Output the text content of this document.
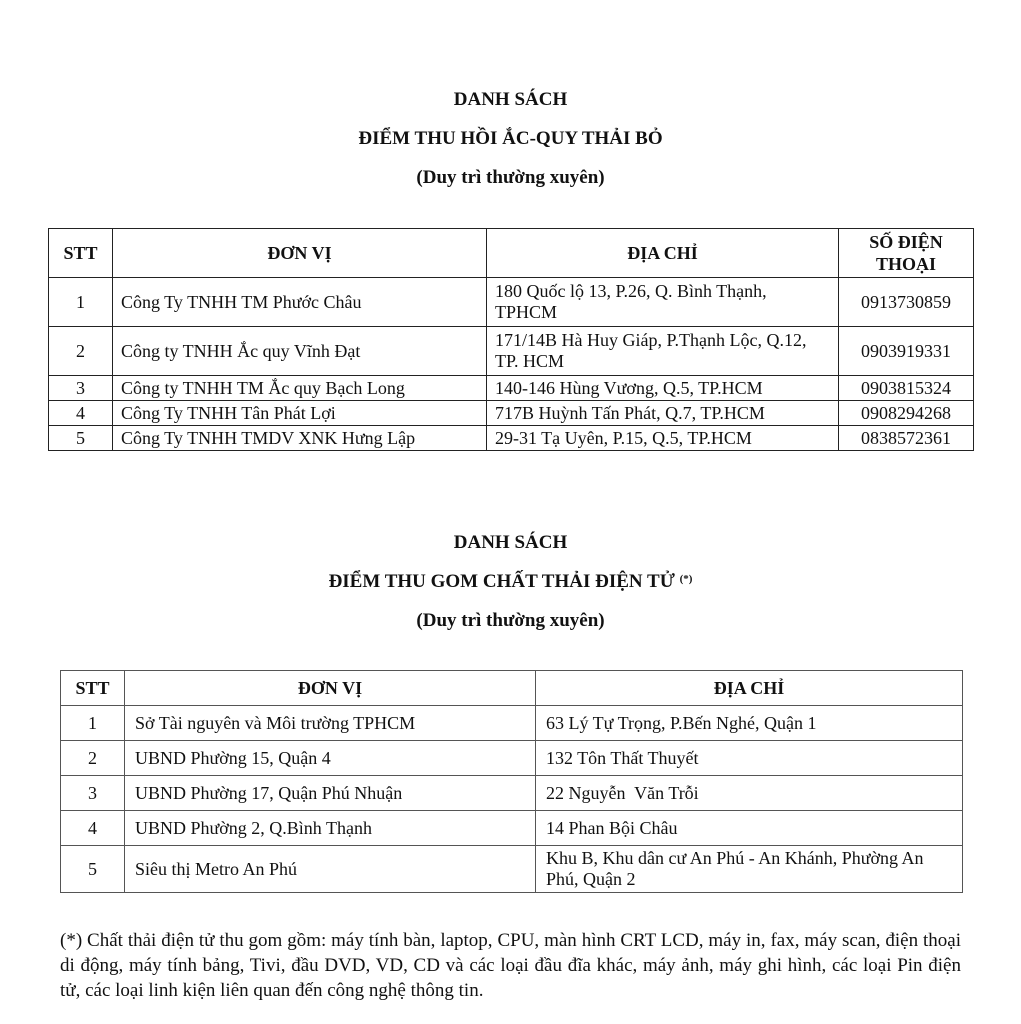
DANH SÁCH
ĐIỂM THU HỒI ẮC-QUY THẢI BỎ
(Duy trì thường xuyên)
STT	ĐƠN VỊ	ĐỊA CHỈ	SỐ ĐIỆN THOẠI
1	Công Ty TNHH TM Phước Châu	180 Quốc lộ 13, P.26, Q. Bình Thạnh, TPHCM	0913730859
2	Công ty TNHH Ắc quy Vĩnh Đạt	171/14B Hà Huy Giáp, P.Thạnh Lộc, Q.12, TP. HCM	0903919331
3	Công ty TNHH TM Ắc quy Bạch Long	140-146 Hùng Vương, Q.5, TP.HCM	0903815324
4	Công Ty TNHH Tân Phát Lợi	717B Huỳnh Tấn Phát, Q.7, TP.HCM	0908294268
5	Công Ty TNHH TMDV XNK Hưng Lập	29-31 Tạ Uyên, P.15, Q.5, TP.HCM	0838572361
DANH SÁCH
ĐIỂM THU GOM CHẤT THẢI ĐIỆN TỬ (*)
(Duy trì thường xuyên)
STT	ĐƠN VỊ	ĐỊA CHỈ
1	Sở Tài nguyên và Môi trường TPHCM	63 Lý Tự Trọng, P.Bến Nghé, Quận 1
2	UBND Phường 15, Quận 4	132 Tôn Thất Thuyết
3	UBND Phường 17, Quận Phú Nhuận	22 Nguyễn  Văn Trỗi
4	UBND Phường 2, Q.Bình Thạnh	14 Phan Bội Châu
5	Siêu thị Metro An Phú	Khu B, Khu dân cư An Phú - An Khánh, Phường An Phú, Quận 2
(*) Chất thải điện tử thu gom gồm: máy tính bàn, laptop, CPU, màn hình CRT LCD, máy in, fax, máy scan, điện thoại di động, máy tính bảng, Tivi, đầu DVD, VD, CD và các loại đầu đĩa khác, máy ảnh, máy ghi hình, các loại Pin điện tử, các loại linh kiện liên quan đến công nghệ thông tin.
